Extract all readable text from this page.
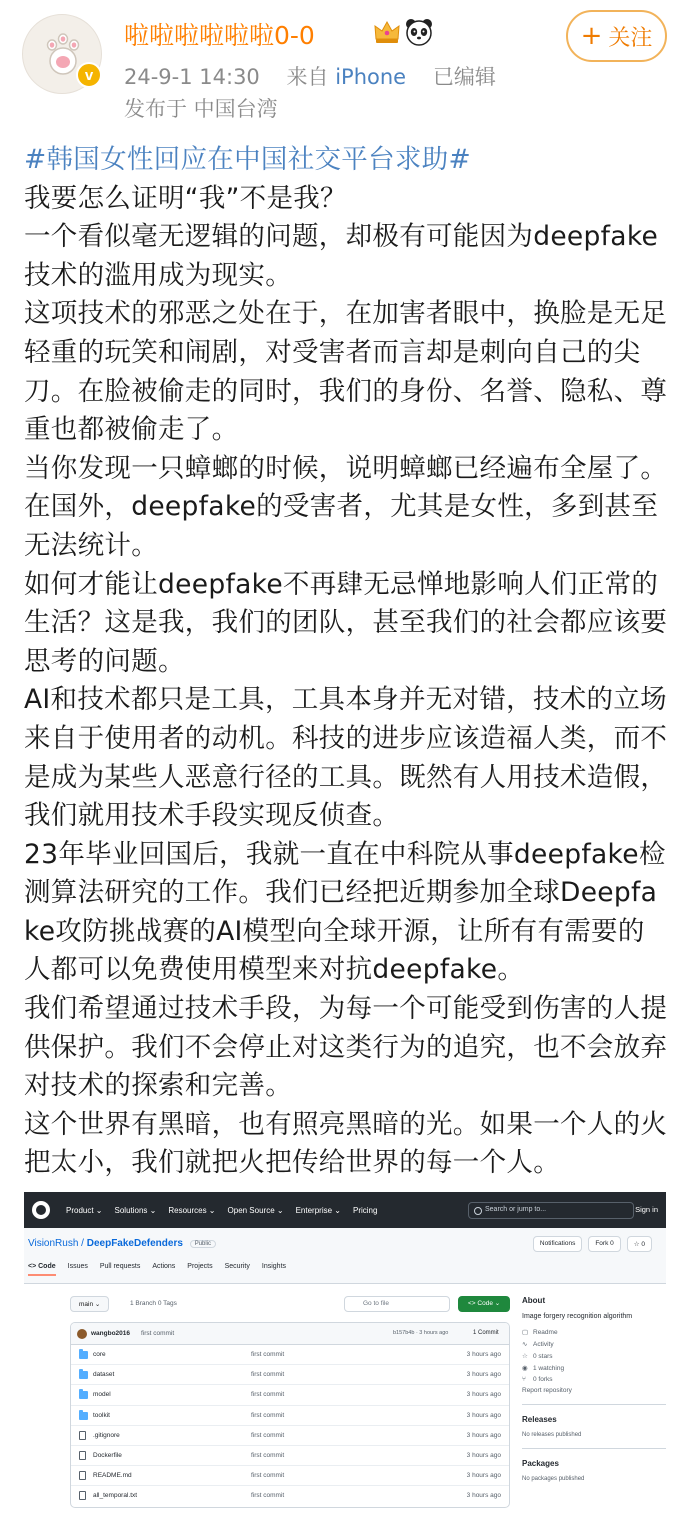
v
啦啦啦啦啦啦0-0
24-9-1 14:30 来自 iPhone 已编辑
发布于 中国台湾
+ 关注

#韩国女性回应在中国社交平台求助#

我要怎么证明“我”不是我？

一个看似毫无逻辑的问题，却极有可能因为deepfake技术的滥用成为现实。

这项技术的邪恶之处在于，在加害者眼中，换脸是无足轻重的玩笑和闹剧，对受害者而言却是刺向自己的尖刀。在脸被偷走的同时，我们的身份、名誉、隐私、尊重也都被偷走了。

当你发现一只蟑螂的时候，说明蟑螂已经遍布全屋了。在国外，deepfake的受害者，尤其是女性，多到甚至无法统计。

如何才能让deepfake不再肆无忌惮地影响人们正常的生活？这是我，我们的团队，甚至我们的社会都应该要思考的问题。

AI和技术都只是工具，工具本身并无对错，技术的立场来自于使用者的动机。科技的进步应该造福人类，而不是成为某些人恶意行径的工具。既然有人用技术造假，我们就用技术手段实现反侦查。

23年毕业回国后，我就一直在中科院从事deepfake检测算法研究的工作。我们已经把近期参加全球Deepfake攻防挑战赛的AI模型向全球开源，让所有有需要的人都可以免费使用模型来对抗deepfake。

我们希望通过技术手段，为每一个可能受到伤害的人提供保护。我们不会停止对这类行为的追究，也不会放弃对技术的探索和完善。

这个世界有黑暗，也有照亮黑暗的光。如果一个人的火把太小，我们就把火把传给世界的每一个人。

Product ⌄ Solutions ⌄ Resources ⌄ Open Source ⌄ Enterprise ⌄ Pricing	Search or jump to...	Sign in
VisionRush / DeepFakeDefenders Public	Notifications	Fork 0	☆ 0
<> Code Issues Pull requests Actions Projects Security Insights
main ⌄	1 Branch 0 Tags	Go to file	<> Code ⌄
wangbo2016 first commit	b157b4b · 3 hours ago	1 Commit
core	first commit	3 hours ago
dataset	first commit	3 hours ago
model	first commit	3 hours ago
toolkit	first commit	3 hours ago
.gitignore	first commit	3 hours ago
Dockerfile	first commit	3 hours ago
README.md	first commit	3 hours ago
all_temporal.txt	first commit	3 hours ago
About
Image forgery recognition algorithm
▢ Readme
∿ Activity
☆ 0 stars
◉ 1 watching
⑂ 0 forks
Report repository
Releases
No releases published
Packages
No packages published
